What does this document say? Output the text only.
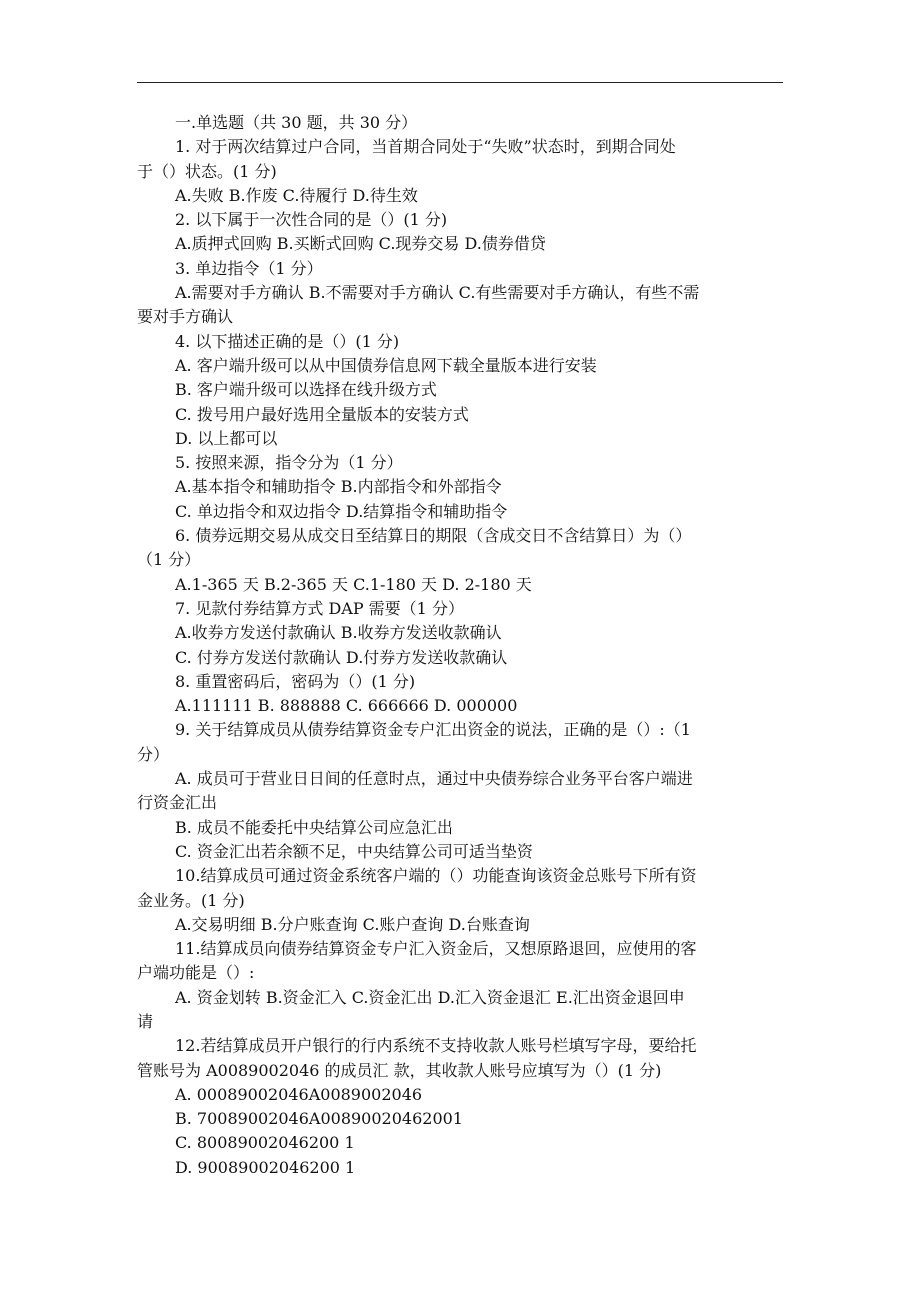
一.单选题（共 30 题，共 30 分）
1. 对于两次结算过户合同，当首期合同处于“失败”状态时，到期合同处
于（）状态。(1 分)
A.失败 B.作废 C.待履行 D.待生效
2. 以下属于一次性合同的是（）(1 分)
A.质押式回购 B.买断式回购 C.现券交易 D.债券借贷
3. 单边指令（1 分）
A.需要对手方确认 B.不需要对手方确认 C.有些需要对手方确认，有些不需
要对手方确认
4. 以下描述正确的是（）(1 分)
A. 客户端升级可以从中国债券信息网下载全量版本进行安装
B. 客户端升级可以选择在线升级方式
C. 拨号用户最好选用全量版本的安装方式
D. 以上都可以
5. 按照来源，指令分为（1 分）
A.基本指令和辅助指令 B.内部指令和外部指令
C. 单边指令和双边指令 D.结算指令和辅助指令
6. 债券远期交易从成交日至结算日的期限（含成交日不含结算日）为（）
（1 分）
A.1-365 天 B.2-365 天 C.1-180 天 D. 2-180 天
7. 见款付券结算方式 DAP 需要（1 分）
A.收券方发送付款确认 B.收券方发送收款确认
C. 付券方发送付款确认 D.付券方发送收款确认
8. 重置密码后，密码为（）(1 分)
A.111111 B. 888888 C. 666666 D. 000000
9. 关于结算成员从债券结算资金专户汇出资金的说法，正确的是（）:（1
分）
A. 成员可于营业日日间的任意时点，通过中央债券综合业务平台客户端进
行资金汇出
B. 成员不能委托中央结算公司应急汇出
C. 资金汇出若余额不足，中央结算公司可适当垫资
10.结算成员可通过资金系统客户端的（）功能查询该资金总账号下所有资
金业务。(1 分)
A.交易明细 B.分户账查询 C.账户查询 D.台账查询
11.结算成员向债券结算资金专户汇入资金后，又想原路退回，应使用的客
户端功能是（）:
A. 资金划转 B.资金汇入 C.资金汇出 D.汇入资金退汇 E.汇出资金退回申
请
12.若结算成员开户银行的行内系统不支持收款人账号栏填写字母，要给托
管账号为 A0089002046 的成员汇 款，其收款人账号应填写为（）(1 分)
A. 00089002046A0089002046
B. 70089002046A00890020462001
C. 80089002046200 1
D. 90089002046200 1
